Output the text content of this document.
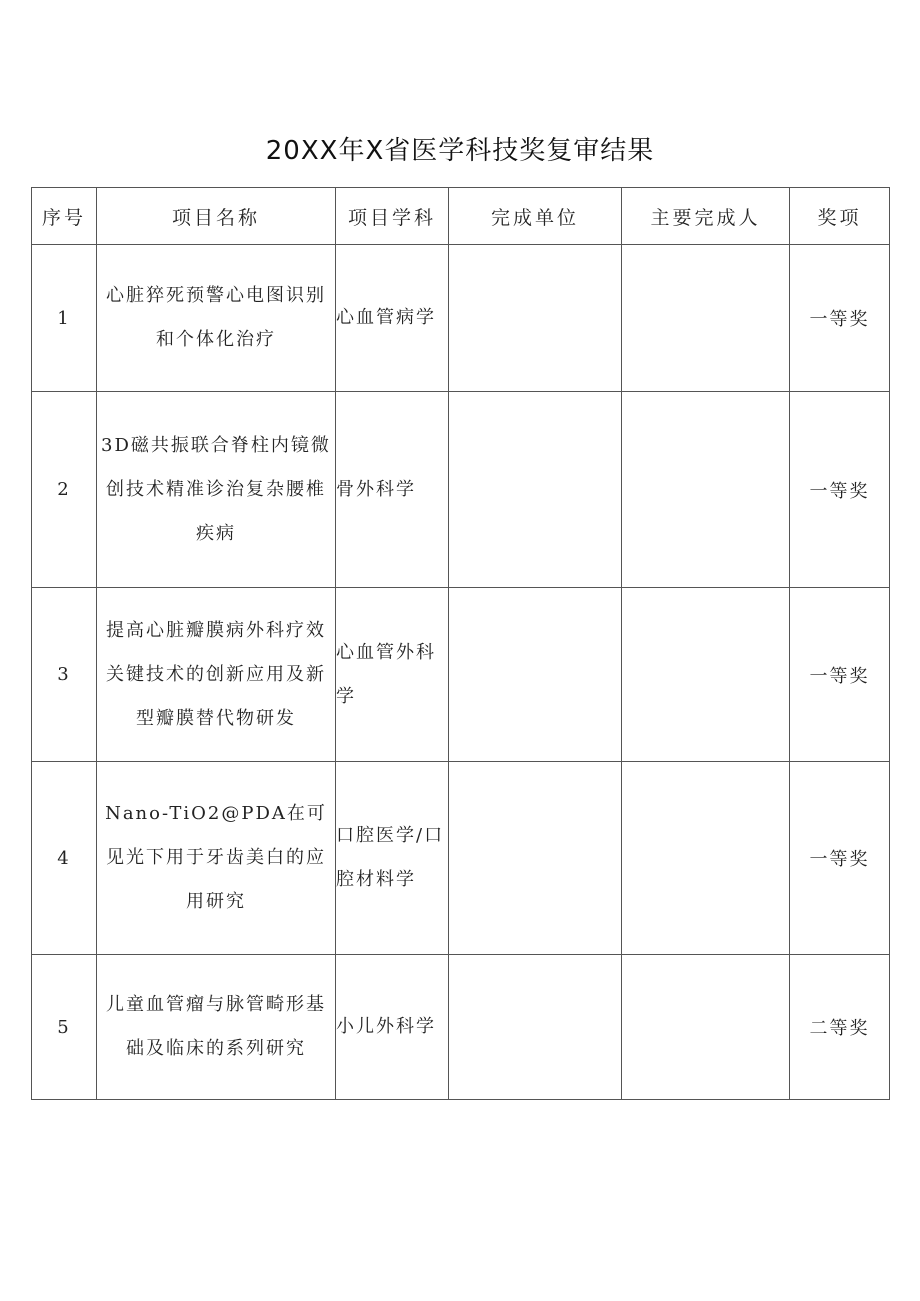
20XX年X省医学科技奖复审结果
序号	项目名称	项目学科	完成单位	主要完成人	奖项
1	心脏猝死预警心电图识别和个体化治疗	心血管病学			一等奖
2	3D磁共振联合脊柱内镜微创技术精准诊治复杂腰椎疾病	骨外科学			一等奖
3	提高心脏瓣膜病外科疗效关键技术的创新应用及新型瓣膜替代物研发	心血管外科学			一等奖
4	Nano-TiO2@PDA在可见光下用于牙齿美白的应用研究	口腔医学/口腔材料学			一等奖
5	儿童血管瘤与脉管畸形基础及临床的系列研究	小儿外科学			二等奖
